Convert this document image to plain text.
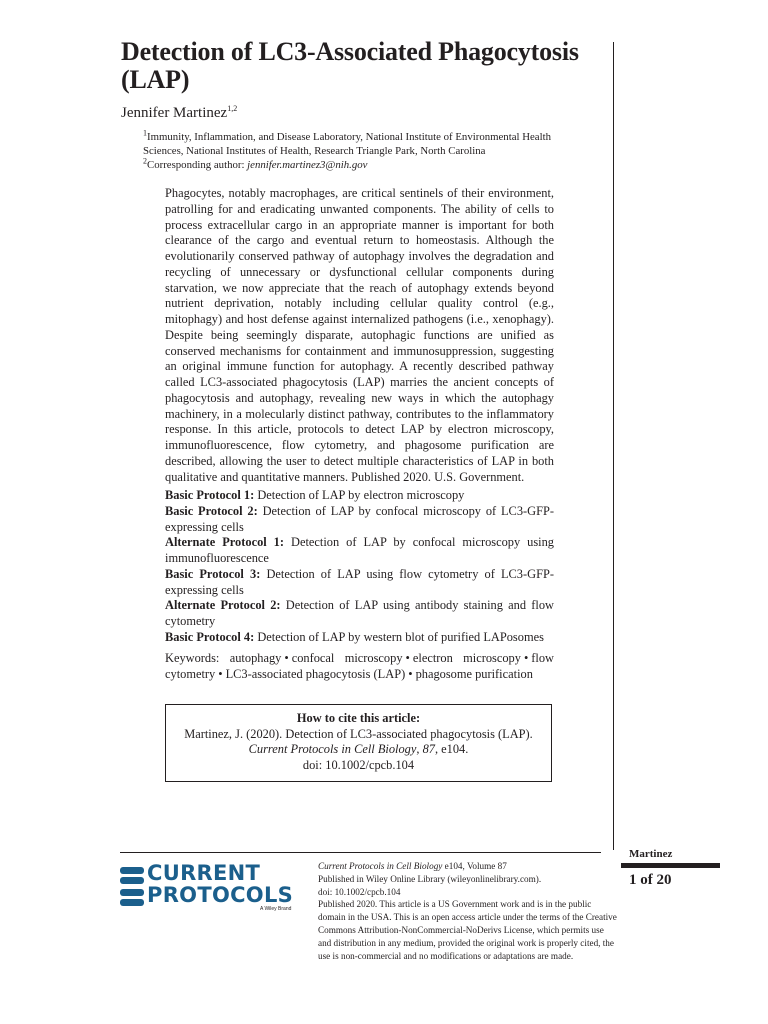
Detection of LC3-Associated Phagocytosis (LAP)
Jennifer Martinez$^{1,2}$

$^1$Immunity, Inflammation, and Disease Laboratory, National Institute of Environmental Health Sciences, National Institutes of Health, Research Triangle Park, North Carolina

$^2$Corresponding author: jennifer.martinez3@nih.gov

Phagocytes, notably macrophages, are critical sentinels of their environment, patrolling for and eradicating unwanted components. The ability of cells to process extracellular cargo in an appropriate manner is important for both clearance of the cargo and eventual return to homeostasis. Although the evolutionarily conserved pathway of autophagy involves the degradation and recycling of unnecessary or dysfunctional cellular components during starvation, we now appreciate that the reach of autophagy extends beyond nutrient deprivation, notably including cellular quality control (e.g., mitophagy) and host defense against internalized pathogens (i.e., xenophagy). Despite being seemingly disparate, autophagic functions are unified as conserved mechanisms for containment and immunosuppression, suggesting an original immune function for autophagy. A recently described pathway called LC3-associated phagocytosis (LAP) marries the ancient concepts of phagocytosis and autophagy, revealing new ways in which the autophagy machinery, in a molecularly distinct pathway, contributes to the inflammatory response. In this article, protocols to detect LAP by electron microscopy, immunofluorescence, flow cytometry, and phagosome purification are described, allowing the user to detect multiple characteristics of LAP in both qualitative and quantitative manners. Published 2020. U.S. Government.

Basic Protocol 1: Detection of LAP by electron microscopy

Basic Protocol 2: Detection of LAP by confocal microscopy of LC3-GFP-expressing cells

Alternate Protocol 1: Detection of LAP by confocal microscopy using immunofluorescence

Basic Protocol 3: Detection of LAP using flow cytometry of LC3-GFP-expressing cells

Alternate Protocol 2: Detection of LAP using antibody staining and flow cytometry

Basic Protocol 4: Detection of LAP by western blot of purified LAPosomes

Keywords: autophagy • confocal microscopy • electron microscopy • flow cytometry • LC3-associated phagocytosis (LAP) • phagosome purification
How to cite this article:
Martinez, J. (2020). Detection of LC3-associated phagocytosis (LAP). Current Protocols in Cell Biology, 87, e104.
doi: 10.1002/cpcb.104
CURRENT
PROTOCOLS
A Wiley Brand

Current Protocols in Cell Biology e104, Volume 87

Published in Wiley Online Library (wileyonlinelibrary.com).

doi: 10.1002/cpcb.104

Published 2020. This article is a US Government work and is in the public domain in the USA. This is an open access article under the terms of the Creative Commons Attribution-NonCommercial-NoDerivs License, which permits use and distribution in any medium, provided the original work is properly cited, the use is non-commercial and no modifications or adaptations are made.

Martinez
1 of 20
